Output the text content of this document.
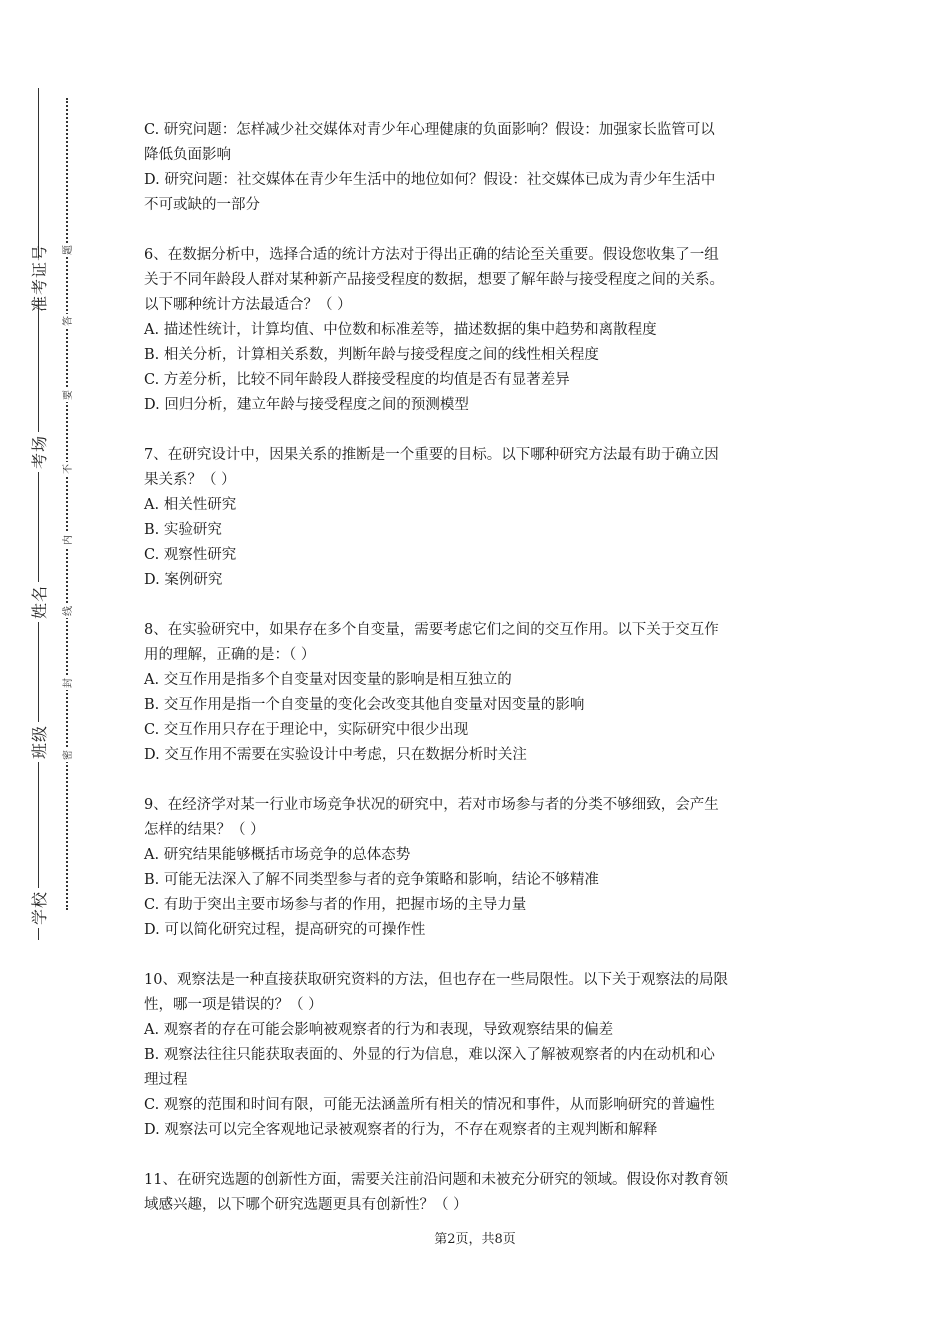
准考证号
考场
姓名
班级
学校
题
答
要
不
内
线
封
密
C. 研究问题：怎样减少社交媒体对青少年心理健康的负面影响？假设：加强家长监管可以
降低负面影响
D. 研究问题：社交媒体在青少年生活中的地位如何？假设：社交媒体已成为青少年生活中
不可或缺的一部分
6、在数据分析中，选择合适的统计方法对于得出正确的结论至关重要。假设您收集了一组
关于不同年龄段人群对某种新产品接受程度的数据，想要了解年龄与接受程度之间的关系。
以下哪种统计方法最适合？（ ）
A. 描述性统计，计算均值、中位数和标准差等，描述数据的集中趋势和离散程度
B. 相关分析，计算相关系数，判断年龄与接受程度之间的线性相关程度
C. 方差分析，比较不同年龄段人群接受程度的均值是否有显著差异
D. 回归分析，建立年龄与接受程度之间的预测模型
7、在研究设计中，因果关系的推断是一个重要的目标。以下哪种研究方法最有助于确立因
果关系？（ ）
A. 相关性研究
B. 实验研究
C. 观察性研究
D. 案例研究
8、在实验研究中，如果存在多个自变量，需要考虑它们之间的交互作用。以下关于交互作
用的理解，正确的是：（ ）
A. 交互作用是指多个自变量对因变量的影响是相互独立的
B. 交互作用是指一个自变量的变化会改变其他自变量对因变量的影响
C. 交互作用只存在于理论中，实际研究中很少出现
D. 交互作用不需要在实验设计中考虑，只在数据分析时关注
9、在经济学对某一行业市场竞争状况的研究中，若对市场参与者的分类不够细致，会产生
怎样的结果？（ ）
A. 研究结果能够概括市场竞争的总体态势
B. 可能无法深入了解不同类型参与者的竞争策略和影响，结论不够精准
C. 有助于突出主要市场参与者的作用，把握市场的主导力量
D. 可以简化研究过程，提高研究的可操作性
10、观察法是一种直接获取研究资料的方法，但也存在一些局限性。以下关于观察法的局限
性，哪一项是错误的？（ ）
A. 观察者的存在可能会影响被观察者的行为和表现，导致观察结果的偏差
B. 观察法往往只能获取表面的、外显的行为信息，难以深入了解被观察者的内在动机和心
理过程
C. 观察的范围和时间有限，可能无法涵盖所有相关的情况和事件，从而影响研究的普遍性
D. 观察法可以完全客观地记录被观察者的行为，不存在观察者的主观判断和解释
11、在研究选题的创新性方面，需要关注前沿问题和未被充分研究的领域。假设你对教育领
域感兴趣，以下哪个研究选题更具有创新性？（ ）
第2页，共8页
